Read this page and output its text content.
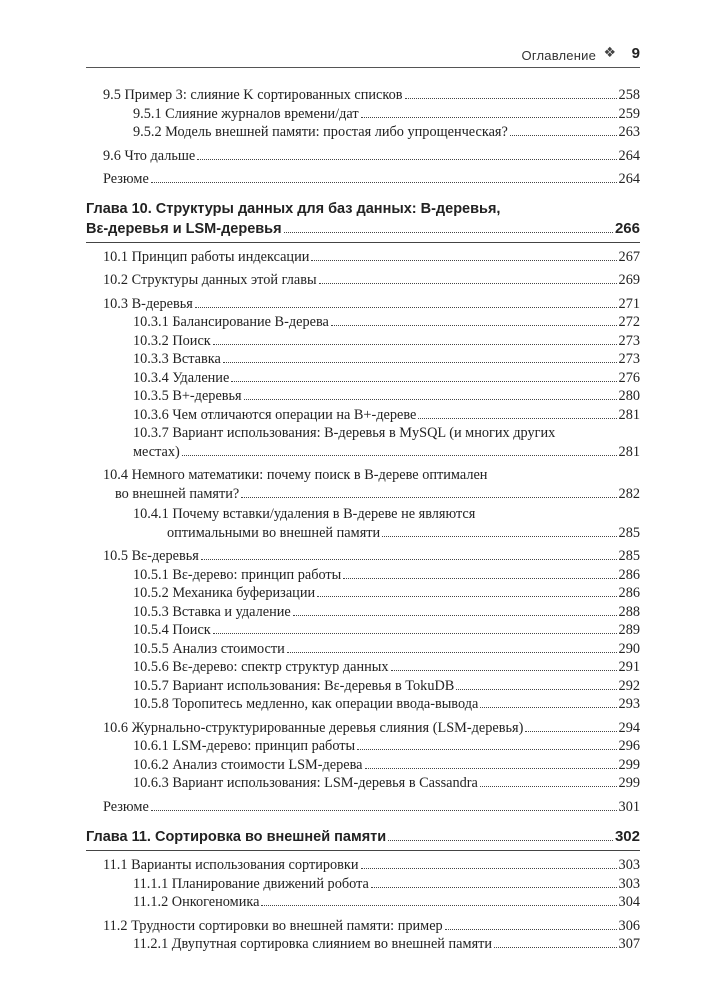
Оглавление ❖ 9
9.5 Пример 3: слияние K сортированных списков	258
9.5.1 Слияние журналов времени/дат	259
9.5.2 Модель внешней памяти: простая либо упрощенческая?	263
9.6 Что дальше	264
Резюме	264
Глава 10. Структуры данных для баз данных: B-деревья,
Bε-деревья и LSM-деревья	266
10.1 Принцип работы индексации	267
10.2 Структуры данных этой главы	269
10.3 B-деревья	271
10.3.1 Балансирование B-дерева	272
10.3.2 Поиск	273
10.3.3 Вставка	273
10.3.4 Удаление	276
10.3.5 B+-деревья	280
10.3.6 Чем отличаются операции на B+-дереве	281
10.3.7 Вариант использования: B-деревья в MySQL (и многих других
местах)	281
10.4 Немного математики: почему поиск в B-дереве оптимален
во внешней памяти?	282
10.4.1 Почему вставки/удаления в B-дереве не являются
оптимальными во внешней памяти	285
10.5 Bε-деревья	285
10.5.1 Bε-дерево: принцип работы	286
10.5.2 Механика буферизации	286
10.5.3 Вставка и удаление	288
10.5.4 Поиск	289
10.5.5 Анализ стоимости	290
10.5.6 Bε-дерево: спектр структур данных	291
10.5.7 Вариант использования: Bε-деревья в TokuDB	292
10.5.8 Торопитесь медленно, как операции ввода-вывода	293
10.6 Журнально-структурированные деревья слияния (LSM-деревья)	294
10.6.1 LSM-дерево: принцип работы	296
10.6.2 Анализ стоимости LSM-дерева	299
10.6.3 Вариант использования: LSM-деревья в Cassandra	299
Резюме	301
Глава 11. Сортировка во внешней памяти	302
11.1 Варианты использования сортировки	303
11.1.1 Планирование движений робота	303
11.1.2 Онкогеномика	304
11.2 Трудности сортировки во внешней памяти: пример	306
11.2.1 Двупутная сортировка слиянием во внешней памяти	307
